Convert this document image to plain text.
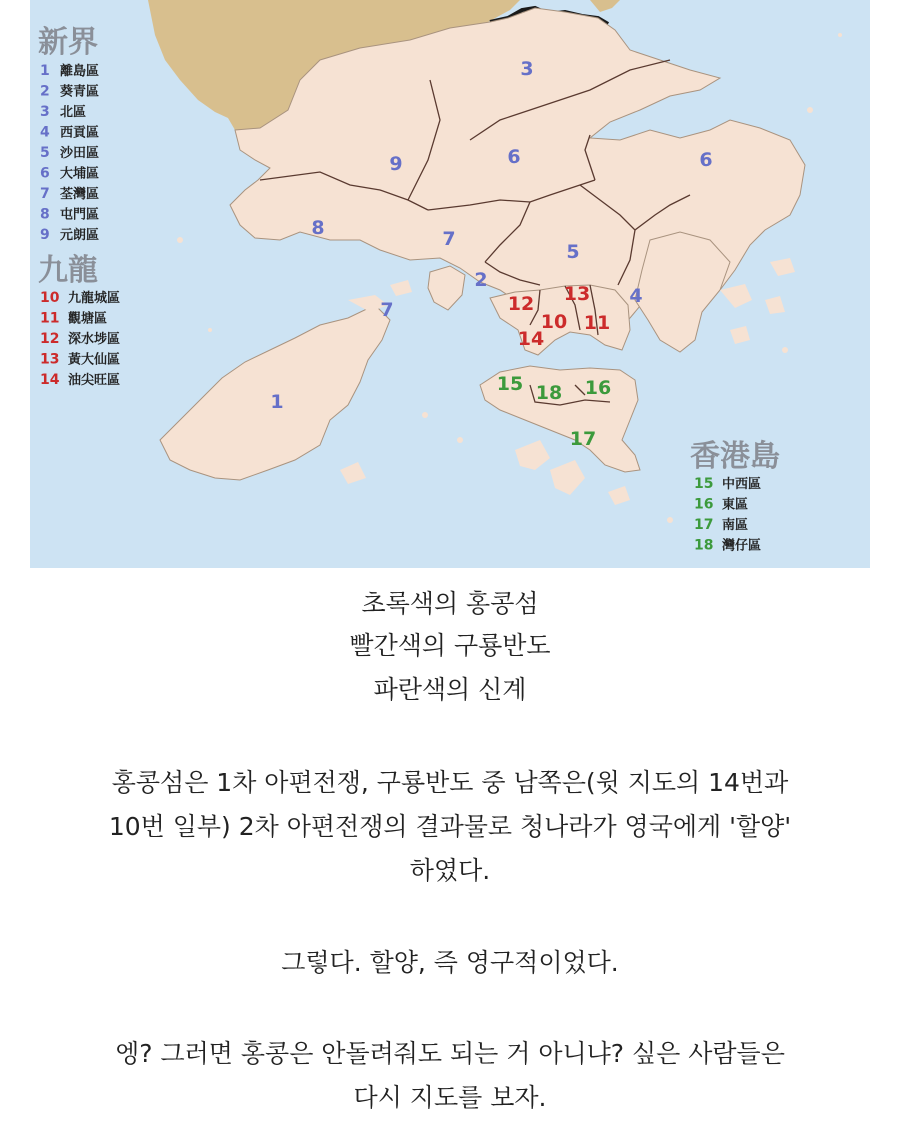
1
2
3
4
5
6	6
7
7
8
9
10 11
12 13
14
15	16
17
18
新界
1 離島區
2 葵青區
3 北區
4 西貢區
5 沙田區
6 大埔區
7 荃灣區
8 屯門區
9 元朗區
九龍
10 九龍城區
11 觀塘區
12 深水埗區
13 黃大仙區
14 油尖旺區
香港島
15 中西區
16 東區
17 南區
18 灣仔區
초록색의 홍콩섬
빨간색의 구룡반도
파란색의 신계
홍콩섬은 1차 아편전쟁, 구룡반도 중 남쪽은(윗 지도의 14번과
10번 일부) 2차 아편전쟁의 결과물로 청나라가 영국에게 '할양'
하였다.
그렇다. 할양, 즉 영구적이었다.
엥? 그러면 홍콩은 안돌려줘도 되는 거 아니냐? 싶은 사람들은
다시 지도를 보자.
